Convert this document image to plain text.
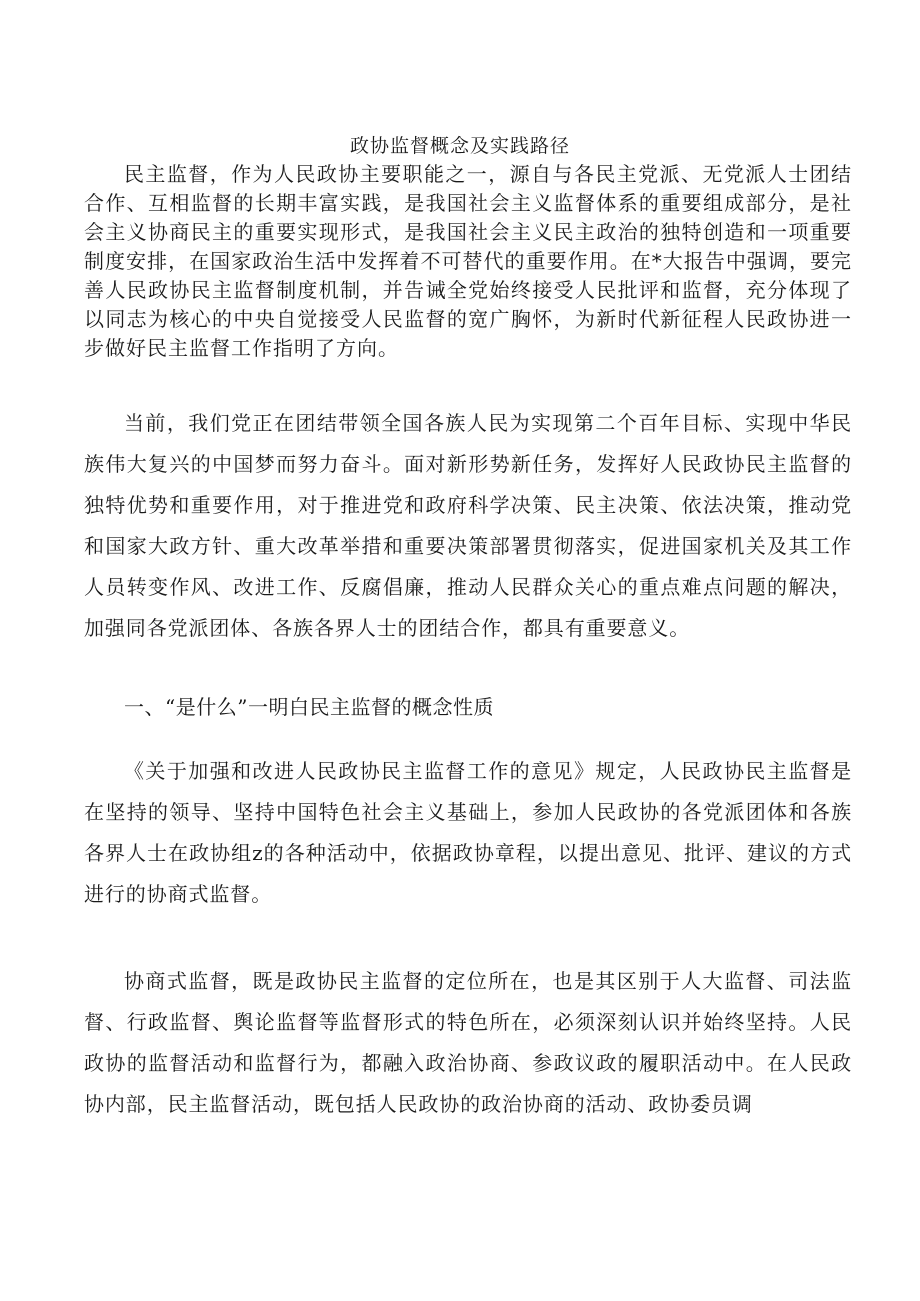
政协监督概念及实践路径

民主监督，作为人民政协主要职能之一，源自与各民主党派、无党派人士团结合作、互相监督的长期丰富实践，是我国社会主义监督体系的重要组成部分，是社会主义协商民主的重要实现形式，是我国社会主义民主政治的独特创造和一项重要制度安排，在国家政治生活中发挥着不可替代的重要作用。在*大报告中强调，要完善人民政协民主监督制度机制，并告诫全党始终接受人民批评和监督，充分体现了以同志为核心的中央自觉接受人民监督的宽广胸怀，为新时代新征程人民政协进一步做好民主监督工作指明了方向。

当前，我们党正在团结带领全国各族人民为实现第二个百年目标、实现中华民族伟大复兴的中国梦而努力奋斗。面对新形势新任务，发挥好人民政协民主监督的独特优势和重要作用，对于推进党和政府科学决策、民主决策、依法决策，推动党和国家大政方针、重大改革举措和重要决策部署贯彻落实，促进国家机关及其工作人员转变作风、改进工作、反腐倡廉，推动人民群众关心的重点难点问题的解决，加强同各党派团体、各族各界人士的团结合作，都具有重要意义。

一、“是什么”一明白民主监督的概念性质

《关于加强和改进人民政协民主监督工作的意见》规定，人民政协民主监督是在坚持的领导、坚持中国特色社会主义基础上，参加人民政协的各党派团体和各族各界人士在政协组z的各种活动中，依据政协章程，以提出意见、批评、建议的方式进行的协商式监督。

协商式监督，既是政协民主监督的定位所在，也是其区别于人大监督、司法监督、行政监督、舆论监督等监督形式的特色所在，必须深刻认识并始终坚持。人民政协的监督活动和监督行为，都融入政治协商、参政议政的履职活动中。在人民政协内部，民主监督活动，既包括人民政协的政治协商的活动、政协委员调
